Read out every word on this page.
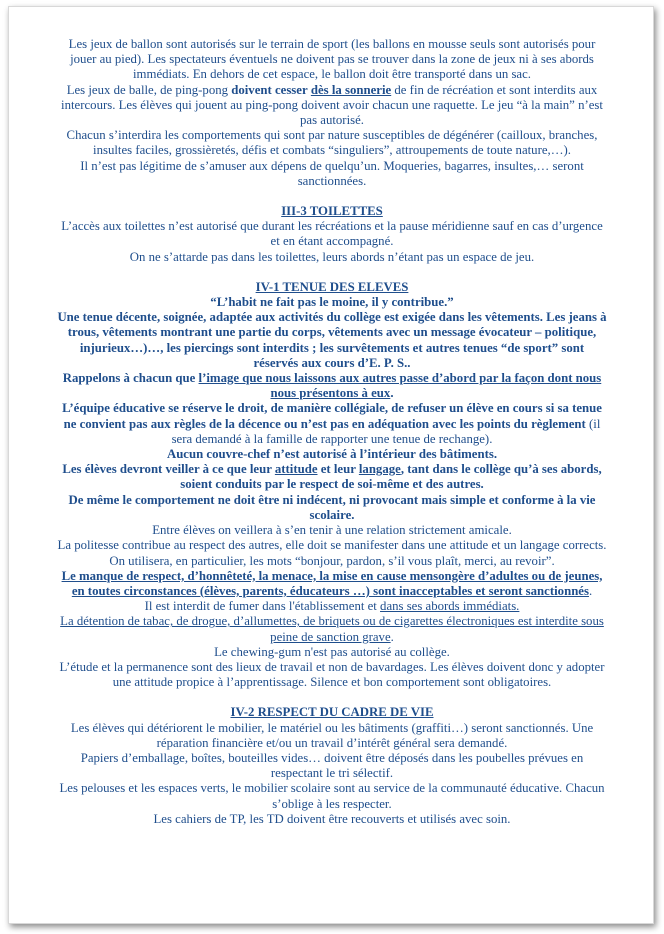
Les jeux de ballon sont autorisés sur le terrain de sport (les ballons en mousse seuls sont autorisés pour jouer au pied). Les spectateurs éventuels ne doivent pas se trouver dans la zone de jeux ni à ses abords immédiats. En dehors de cet espace, le ballon doit être transporté dans un sac.

Les jeux de balle, de ping-pong doivent cesser dès la sonnerie de fin de récréation et sont interdits aux intercours. Les élèves qui jouent au ping-pong doivent avoir chacun une raquette. Le jeu “à la main” n’est pas autorisé.

Chacun s’interdira les comportements qui sont par nature susceptibles de dégénérer (cailloux, branches, insultes faciles, grossièretés, défis et combats “singuliers”, attroupements de toute nature,…).

Il n’est pas légitime de s’amuser aux dépens de quelqu’un. Moqueries, bagarres, insultes,… seront sanctionnées.

III-3 TOILETTES

L’accès aux toilettes n’est autorisé que durant les récréations et la pause méridienne sauf en cas d’urgence et en étant accompagné.

On ne s’attarde pas dans les toilettes, leurs abords n’étant pas un espace de jeu.

IV-1 TENUE DES ELEVES

“L’habit ne fait pas le moine, il y contribue.”

Une tenue décente, soignée, adaptée aux activités du collège est exigée dans les vêtements. Les jeans à trous, vêtements montrant une partie du corps, vêtements avec un message évocateur – politique, injurieux…)…, les piercings sont interdits ; les survêtements et autres tenues “de sport” sont réservés aux cours d’E. P. S..

Rappelons à chacun que l’image que nous laissons aux autres passe d’abord par la façon dont nous nous présentons à eux.

L’équipe éducative se réserve le droit, de manière collégiale, de refuser un élève en cours si sa tenue ne convient pas aux règles de la décence ou n’est pas en adéquation avec les points du règlement (il sera demandé à la famille de rapporter une tenue de rechange).

Aucun couvre-chef n’est autorisé à l’intérieur des bâtiments.

Les élèves devront veiller à ce que leur attitude et leur langage, tant dans le collège qu’à ses abords, soient conduits par le respect de soi-même et des autres.

De même le comportement ne doit être ni indécent, ni provocant mais simple et conforme à la vie scolaire.

Entre élèves on veillera à s’en tenir à une relation strictement amicale.

La politesse contribue au respect des autres, elle doit se manifester dans une attitude et un langage corrects.

On utilisera, en particulier, les mots “bonjour, pardon, s’il vous plaît, merci, au revoir”.

Le manque de respect, d’honnêteté, la menace, la mise en cause mensongère d’adultes ou de jeunes, en toutes circonstances (élèves, parents, éducateurs …) sont inacceptables et seront sanctionnés.

Il est interdit de fumer dans l'établissement et dans ses abords immédiats.

La détention de tabac, de drogue, d’allumettes, de briquets ou de cigarettes électroniques est interdite sous peine de sanction grave.

Le chewing-gum n'est pas autorisé au collège.

L’étude et la permanence sont des lieux de travail et non de bavardages. Les élèves doivent donc y adopter une attitude propice à l’apprentissage. Silence et bon comportement sont obligatoires.

IV-2 RESPECT DU CADRE DE VIE

Les élèves qui détériorent le mobilier, le matériel ou les bâtiments (graffiti…) seront sanctionnés. Une réparation financière et/ou un travail d’intérêt général sera demandé.

Papiers d’emballage, boîtes, bouteilles vides… doivent être déposés dans les poubelles prévues en respectant le tri sélectif.

Les pelouses et les espaces verts, le mobilier scolaire sont au service de la communauté éducative. Chacun s’oblige à les respecter.

Les cahiers de TP, les TD doivent être recouverts et utilisés avec soin.
